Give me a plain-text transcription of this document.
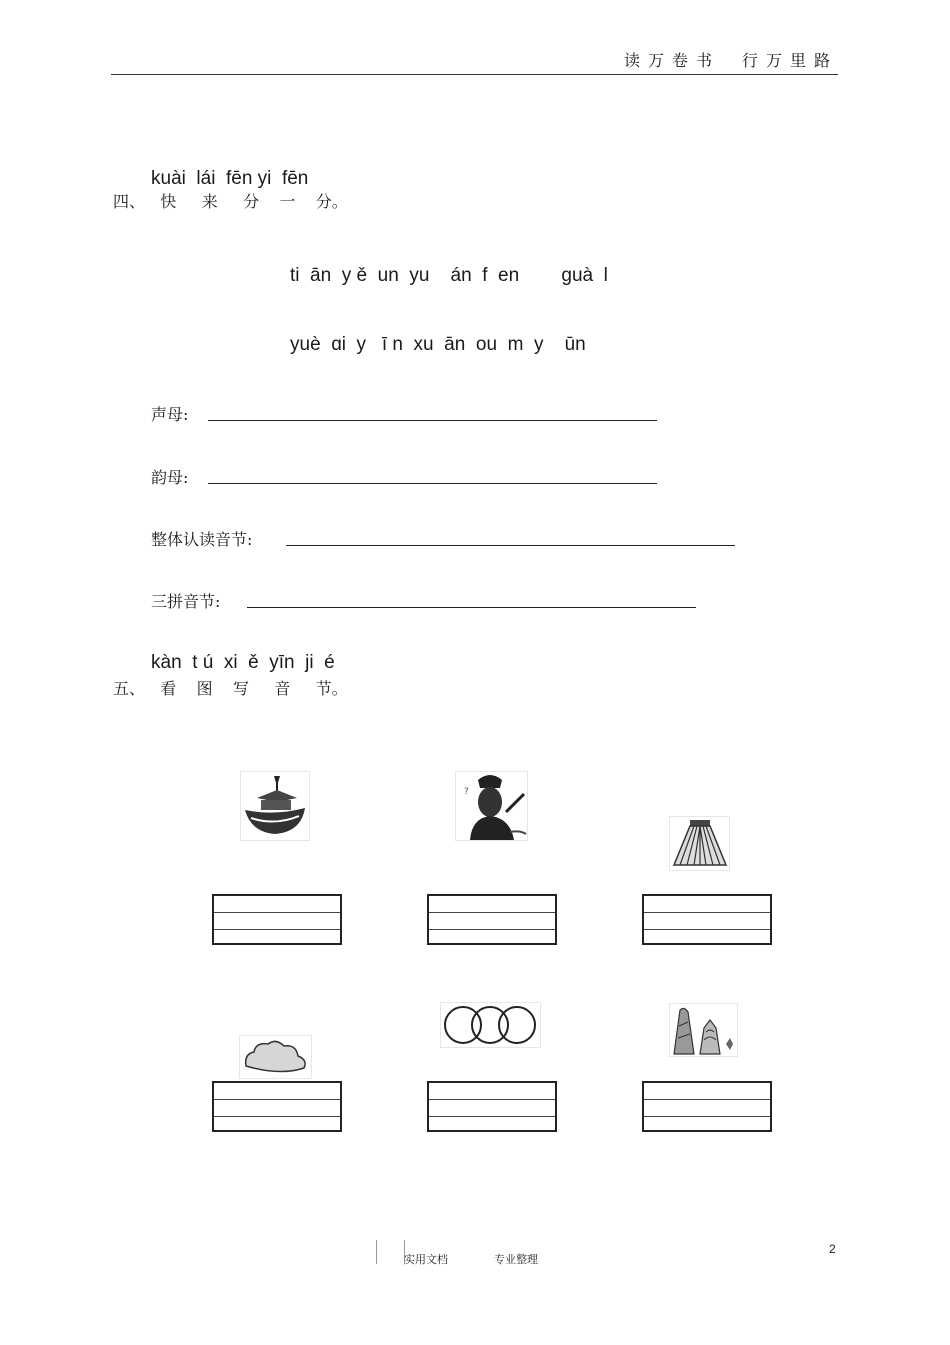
读万卷书 行万里路
kuài  lái  fēn yi  fēn
四、   快     来     分    一    分。
ti  ān  y ě  un  yu    án  f  en        guà  l
yuè  ɑi  y   ī n  xu  ān  ou  m  y    ūn
声母:
韵母:
整体认读音节:
三拼音节:
kàn  t ú  xi  ě  yīn  ji  é
五、   看    图    写     音     节。
?
实用文档	专业整理
2
